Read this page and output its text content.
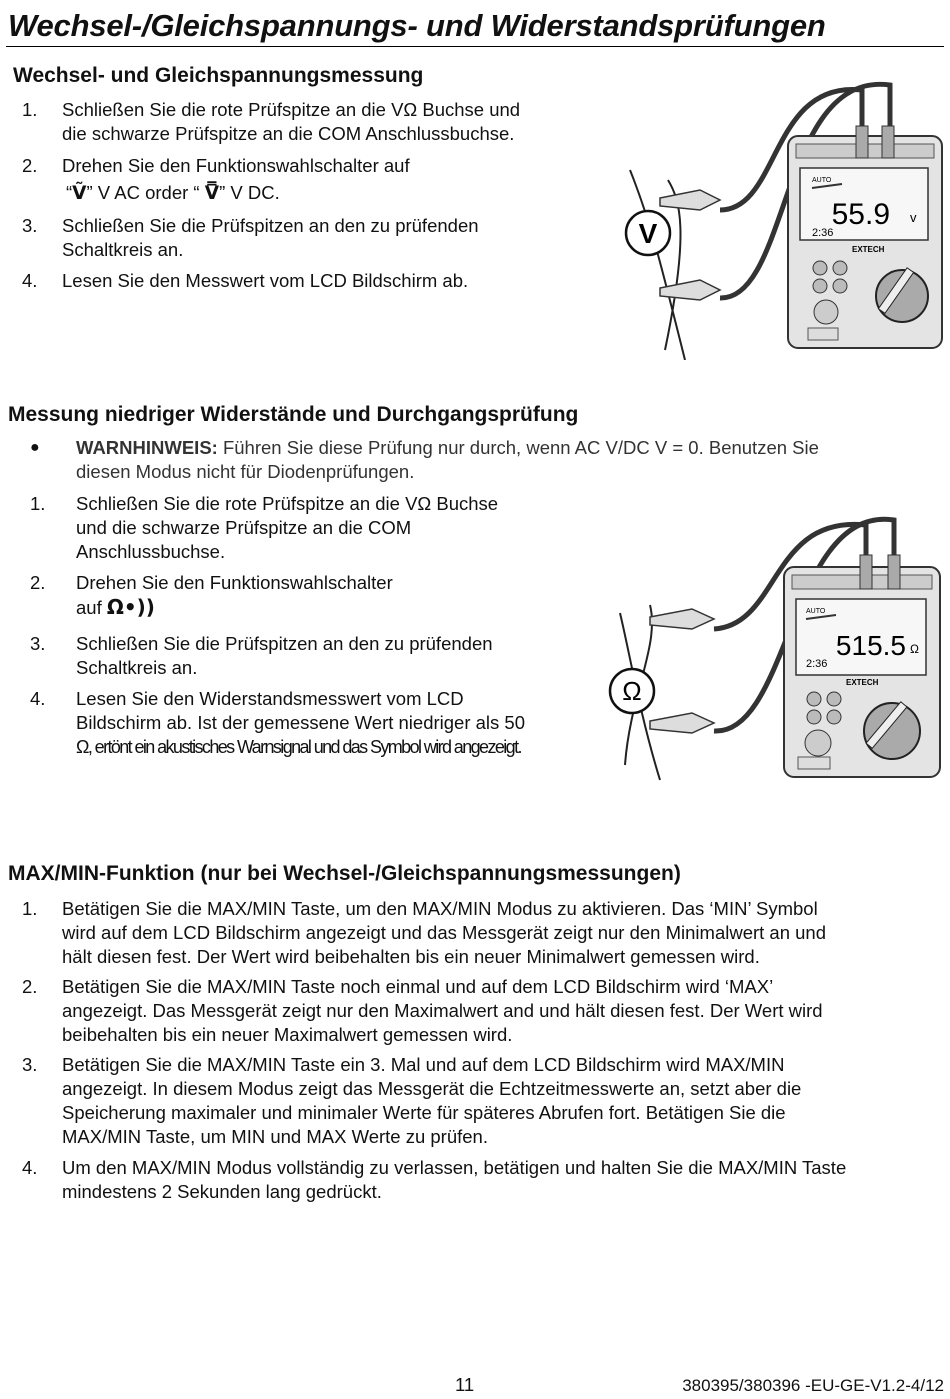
Wechsel-/Gleichspannungs- und Widerstandsprüfungen
Wechsel- und Gleichspannungsmessung
1. Schließen Sie die rote Prüfspitze an die VΩ Buchse und
die schwarze Prüfspitze an die COM Anschlussbuchse.
2. Drehen Sie den Funktionswahlschalter auf
“Ṽ” V AC order “ V̿” V DC.
3. Schließen Sie die Prüfspitzen an den zu prüfenden
Schaltkreis an.
4. Lesen Sie den Messwert vom LCD Bildschirm ab.
V
AUTO
55.9 v
2:36
EXTECH
Messung niedriger Widerstände und Durchgangsprüfung
● WARNHINWEIS: Führen Sie diese Prüfung nur durch, wenn AC V/DC V = 0. Benutzen Sie
diesen Modus nicht für Diodenprüfungen.
1. Schließen Sie die rote Prüfspitze an die VΩ Buchse
und die schwarze Prüfspitze an die COM
Anschlussbuchse.
2. Drehen Sie den Funktionswahlschalter
auf Ω•))
3. Schließen Sie die Prüfspitzen an den zu prüfenden
Schaltkreis an.
4. Lesen Sie den Widerstandsmesswert vom LCD
Bildschirm ab. Ist der gemessene Wert niedriger als 50
Ω, ertönt ein akustisches Warnsignal und das Symbol wird angezeigt.
Ω
AUTO
515.5 Ω
2:36
EXTECH
MAX/MIN-Funktion (nur bei Wechsel-/Gleichspannungsmessungen)
1. Betätigen Sie die MAX/MIN Taste, um den MAX/MIN Modus zu aktivieren. Das ‘MIN’ Symbol
wird auf dem LCD Bildschirm angezeigt und das Messgerät zeigt nur den Minimalwert an und
hält diesen fest. Der Wert wird beibehalten bis ein neuer Minimalwert gemessen wird.
2. Betätigen Sie die MAX/MIN Taste noch einmal und auf dem LCD Bildschirm wird ‘MAX’
angezeigt. Das Messgerät zeigt nur den Maximalwert and und hält diesen fest. Der Wert wird
beibehalten bis ein neuer Maximalwert gemessen wird.
3. Betätigen Sie die MAX/MIN Taste ein 3. Mal und auf dem LCD Bildschirm wird MAX/MIN
angezeigt. In diesem Modus zeigt das Messgerät die Echtzeitmesswerte an, setzt aber die
Speicherung maximaler und minimaler Werte für späteres Abrufen fort. Betätigen Sie die
MAX/MIN Taste, um MIN und MAX Werte zu prüfen.
4. Um den MAX/MIN Modus vollständig zu verlassen, betätigen und halten Sie die MAX/MIN Taste
mindestens 2 Sekunden lang gedrückt.
11	380395/380396 -EU-GE-V1.2-4/12
